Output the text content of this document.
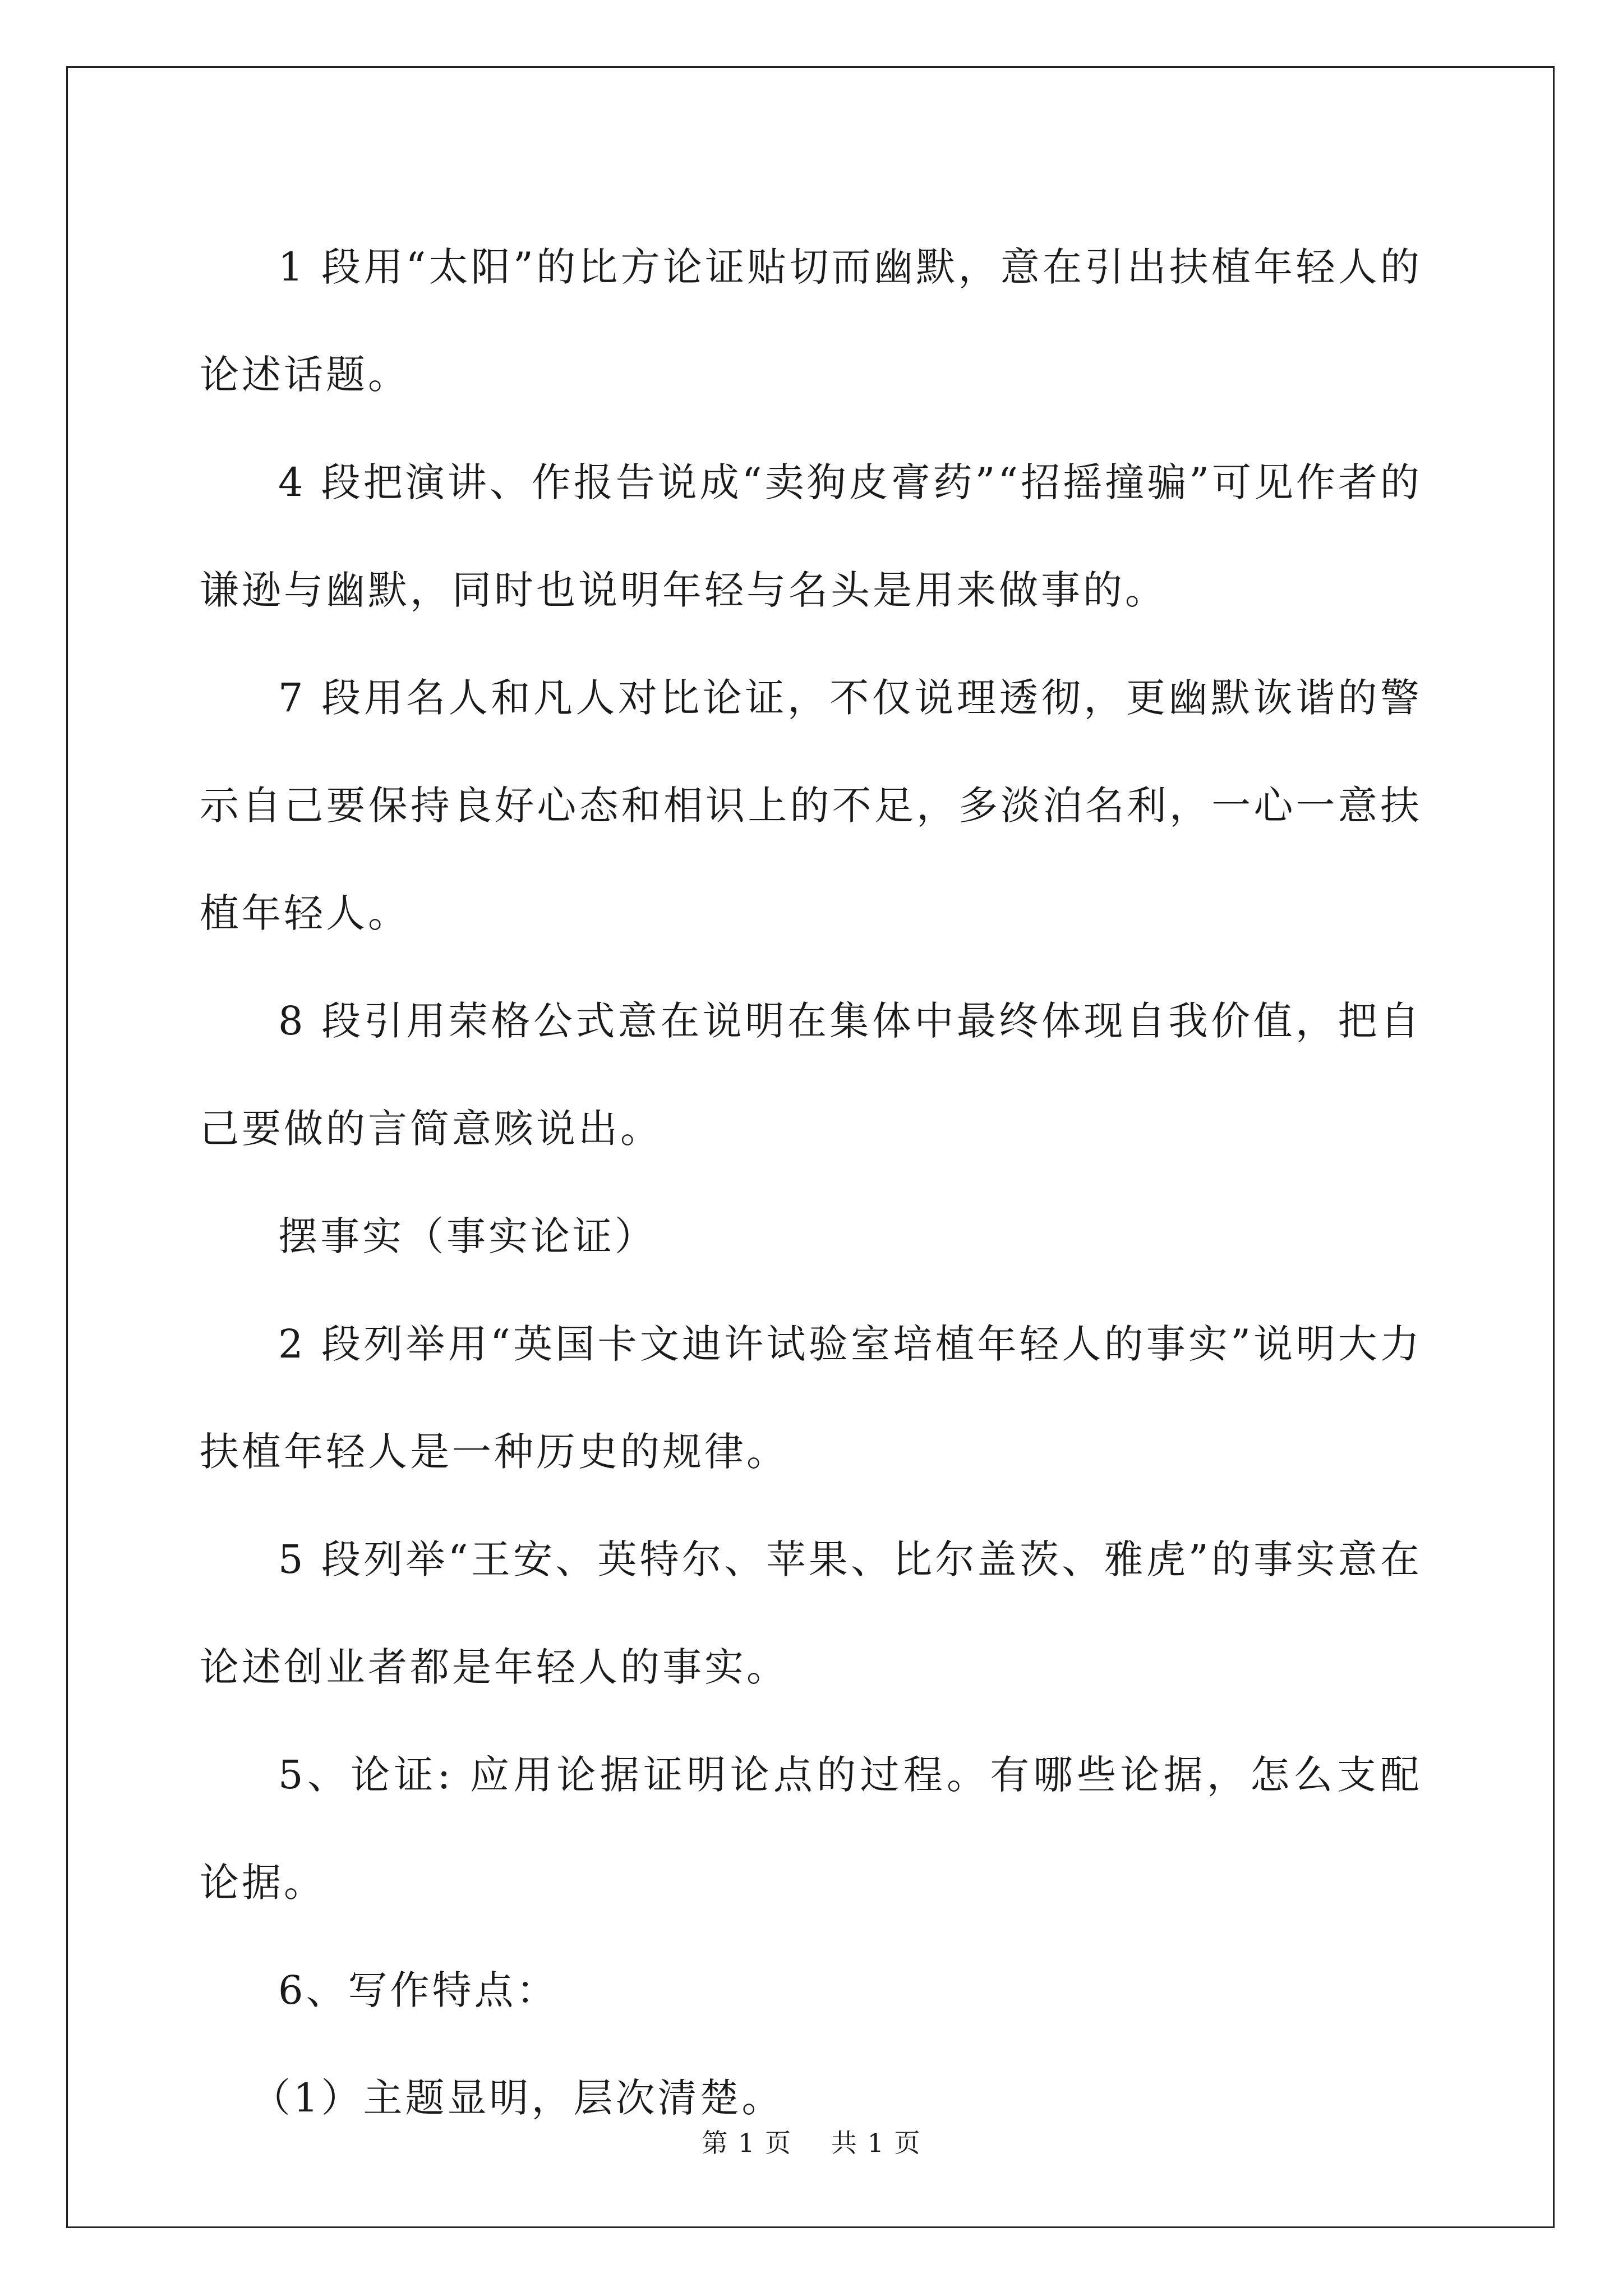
1 段用“太阳”的比方论证贴切而幽默，意在引出扶植年轻人的论述话题。

4 段把演讲、作报告说成“卖狗皮膏药”“招摇撞骗”可见作者的谦逊与幽默，同时也说明年轻与名头是用来做事的。

7 段用名人和凡人对比论证，不仅说理透彻，更幽默诙谐的警示自己要保持良好心态和相识上的不足，多淡泊名利，一心一意扶植年轻人。

8 段引用荣格公式意在说明在集体中最终体现自我价值，把自己要做的言简意赅说出。

摆事实（事实论证）

2 段列举用“英国卡文迪许试验室培植年轻人的事实”说明大力扶植年轻人是一种历史的规律。

5 段列举“王安、英特尔、苹果、比尔盖茨、雅虎”的事实意在论述创业者都是年轻人的事实。

5、论证: 应用论据证明论点的过程。有哪些论据，怎么支配论据。

6、写作特点：

（1）主题显明，层次清楚。

第 1 页 共 1 页
